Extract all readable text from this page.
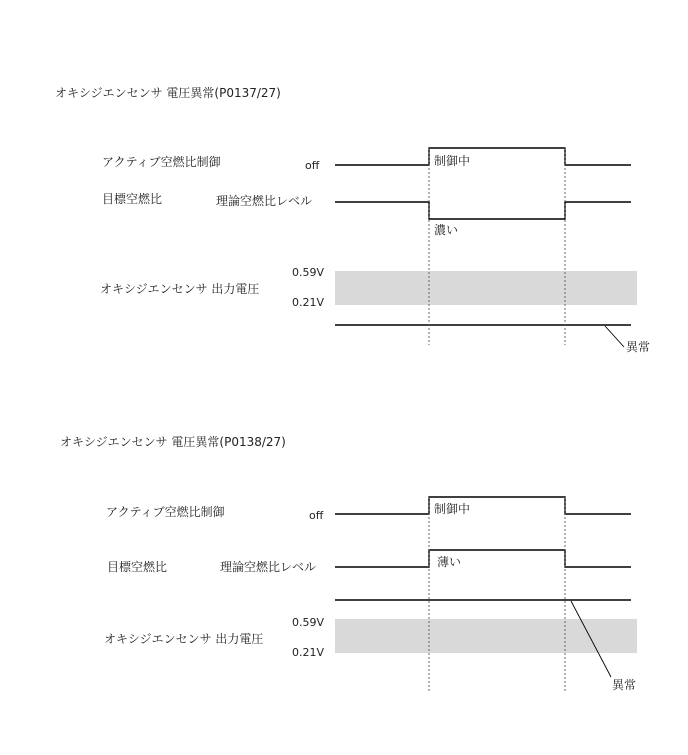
オキシジエンセンサ 電圧異常(P0137/27)
アクティブ空燃比制御	off	制御中
目標空燃比	理論空燃比レベル
濃い
オキシジエンセンサ 出力電圧
0.59V
0.21V
異常
オキシジエンセンサ 電圧異常(P0138/27)
アクティブ空燃比制御	off	制御中
目標空燃比	理論空燃比レベル	薄い
オキシジエンセンサ 出力電圧
0.59V
0.21V
異常
